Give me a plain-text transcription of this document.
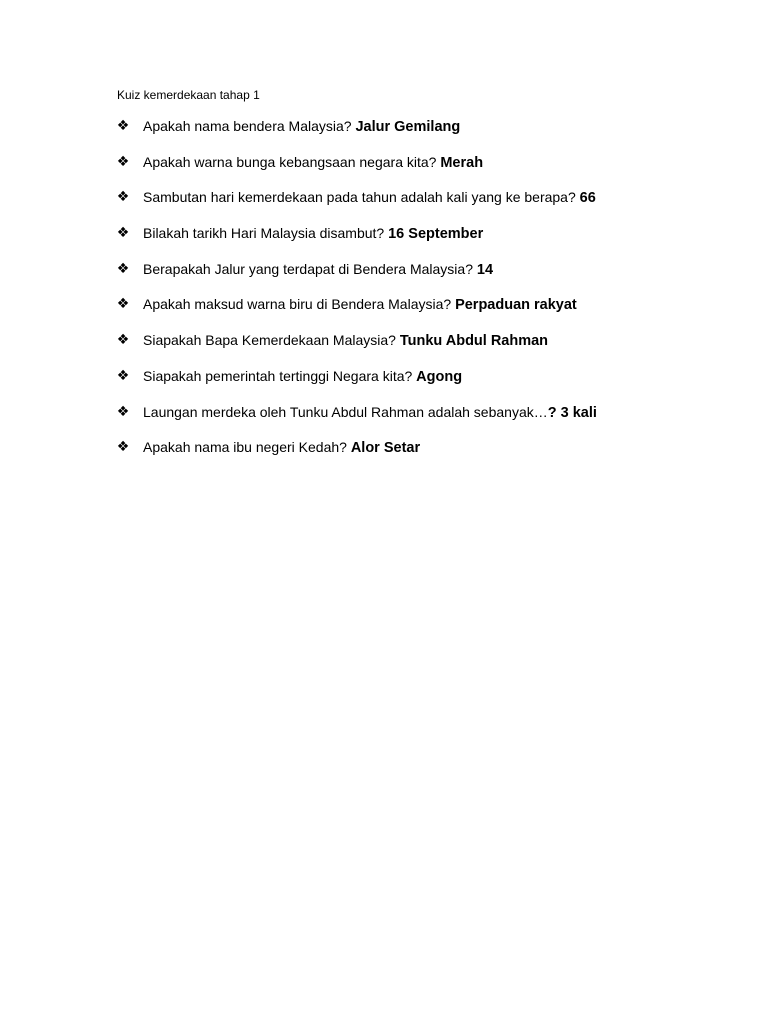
Kuiz kemerdekaan tahap 1
❖ Apakah nama bendera Malaysia? Jalur Gemilang
❖ Apakah warna bunga kebangsaan negara kita? Merah
❖ Sambutan hari kemerdekaan pada tahun adalah kali yang ke berapa? 66
❖ Bilakah tarikh Hari Malaysia disambut? 16 September
❖ Berapakah Jalur yang terdapat di Bendera Malaysia? 14
❖ Apakah maksud warna biru di Bendera Malaysia? Perpaduan rakyat
❖ Siapakah Bapa Kemerdekaan Malaysia? Tunku Abdul Rahman
❖ Siapakah pemerintah tertinggi Negara kita? Agong
❖ Laungan merdeka oleh Tunku Abdul Rahman adalah sebanyak…? 3 kali
❖ Apakah nama ibu negeri Kedah? Alor Setar
